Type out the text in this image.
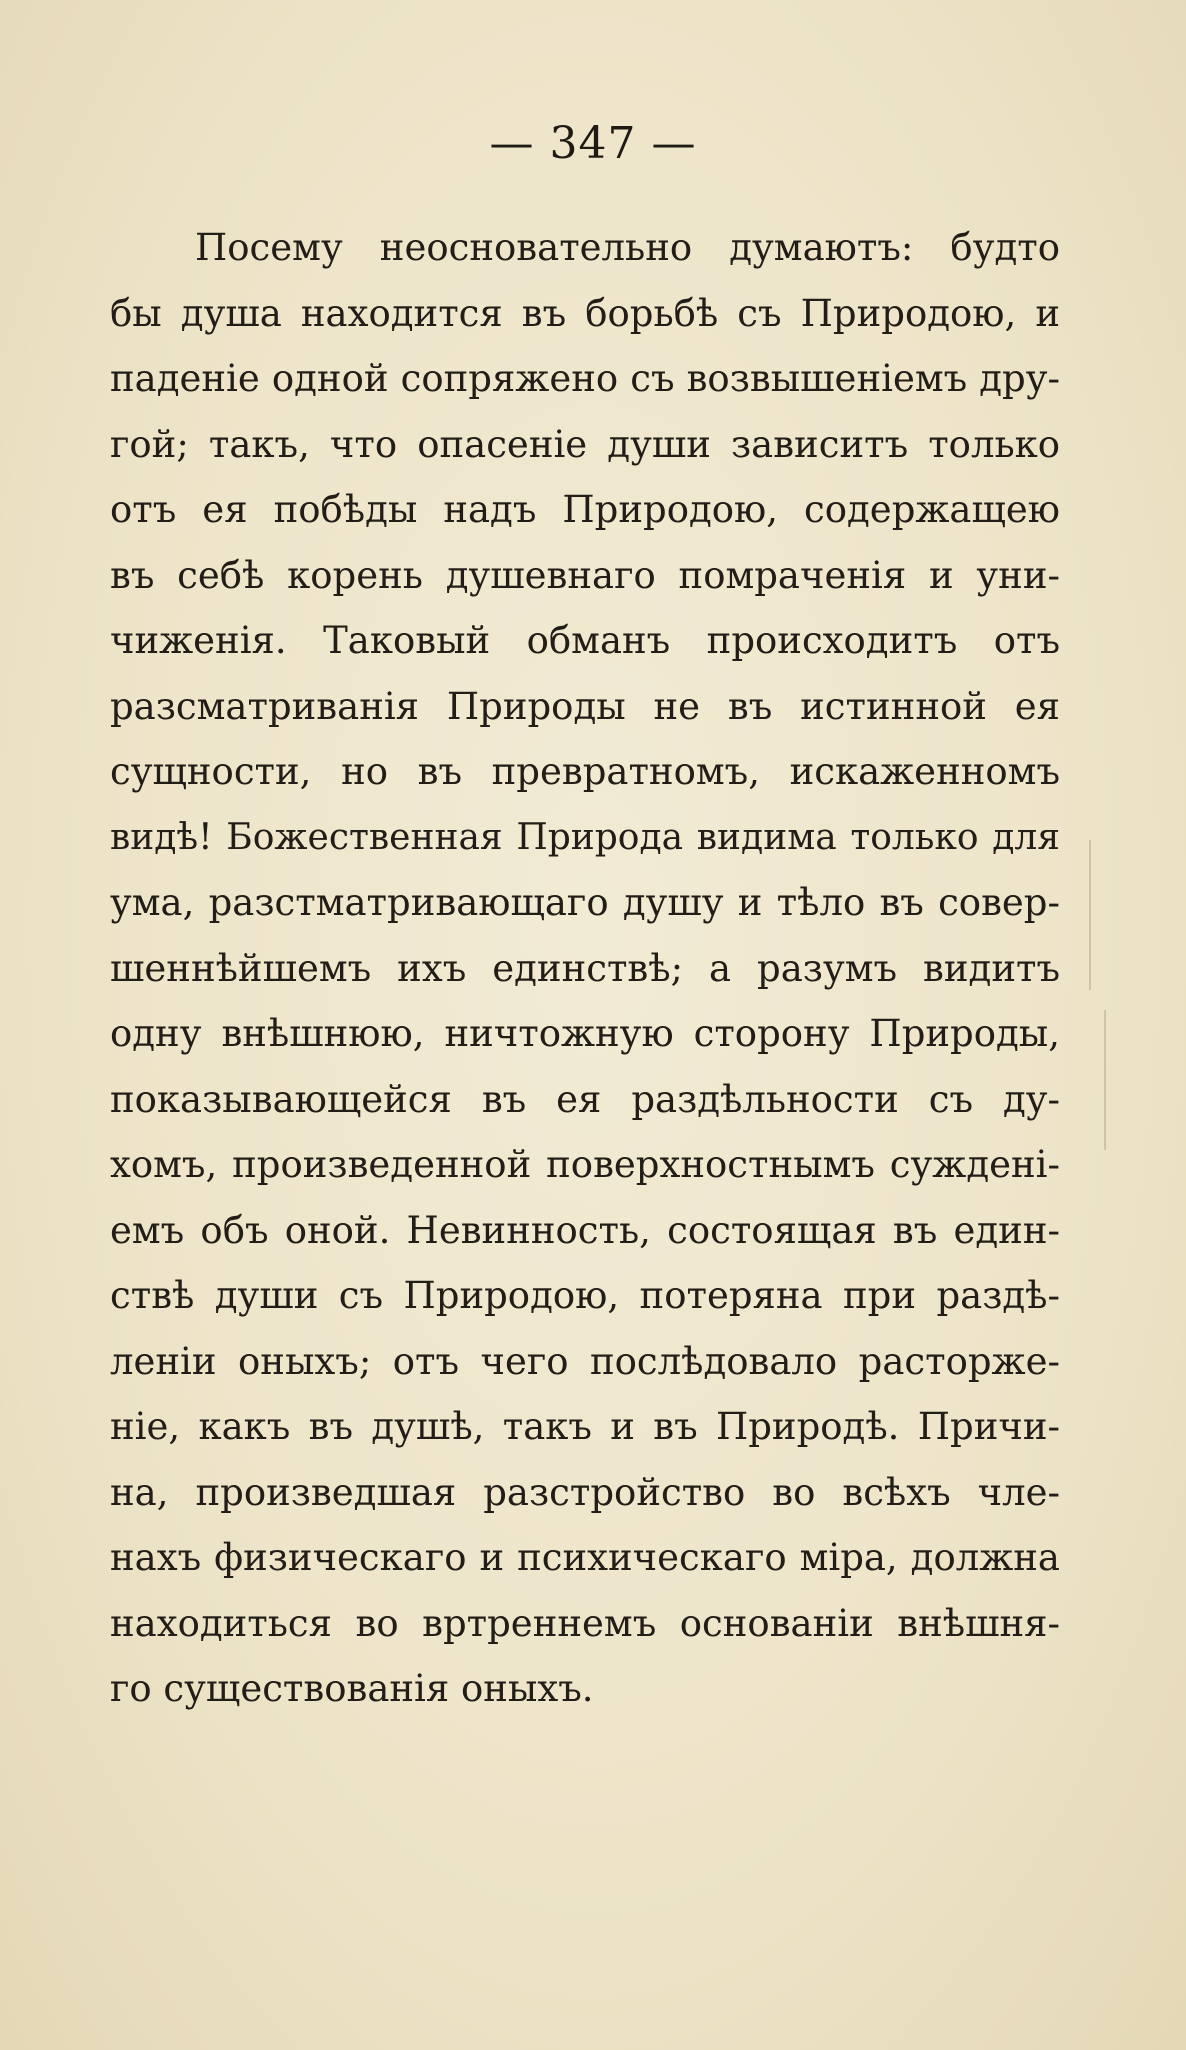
— 347 —
Посему неосновательно думаютъ: будто
бы душа находится въ борьбѣ съ Природою, и
паденіе одной сопряжено съ возвышеніемъ дру-
гой; такъ, что опасеніе души зависитъ только
отъ ея побѣды надъ Природою, содержащею
въ себѣ корень душевнаго помраченія и уни-
чиженія. Таковый обманъ происходитъ отъ
разсматриванія Природы не въ истинной ея
сущности, но въ превратномъ, искаженномъ
видѣ! Божественная Природа видима только для
ума, разстматривающаго душу и тѣло въ совер-
шеннѣйшемъ ихъ единствѣ; а разумъ видитъ
одну внѣшнюю, ничтожную сторону Природы,
показывающейся въ ея раздѣльности съ ду-
хомъ, произведенной поверхностнымъ сужденi-
емъ объ оной. Невинность, состоящая въ един-
ствѣ души съ Природою, потеряна при раздѣ-
леніи оныхъ; отъ чего послѣдовало расторже-
ніе, какъ въ душѣ, такъ и въ Природѣ. Причи-
на, произведшая разстройство во всѣхъ чле-
нахъ физическаго и психическаго міра, должна
находиться во вртреннемъ основанiи внѣшня-
го существованія оныхъ.
